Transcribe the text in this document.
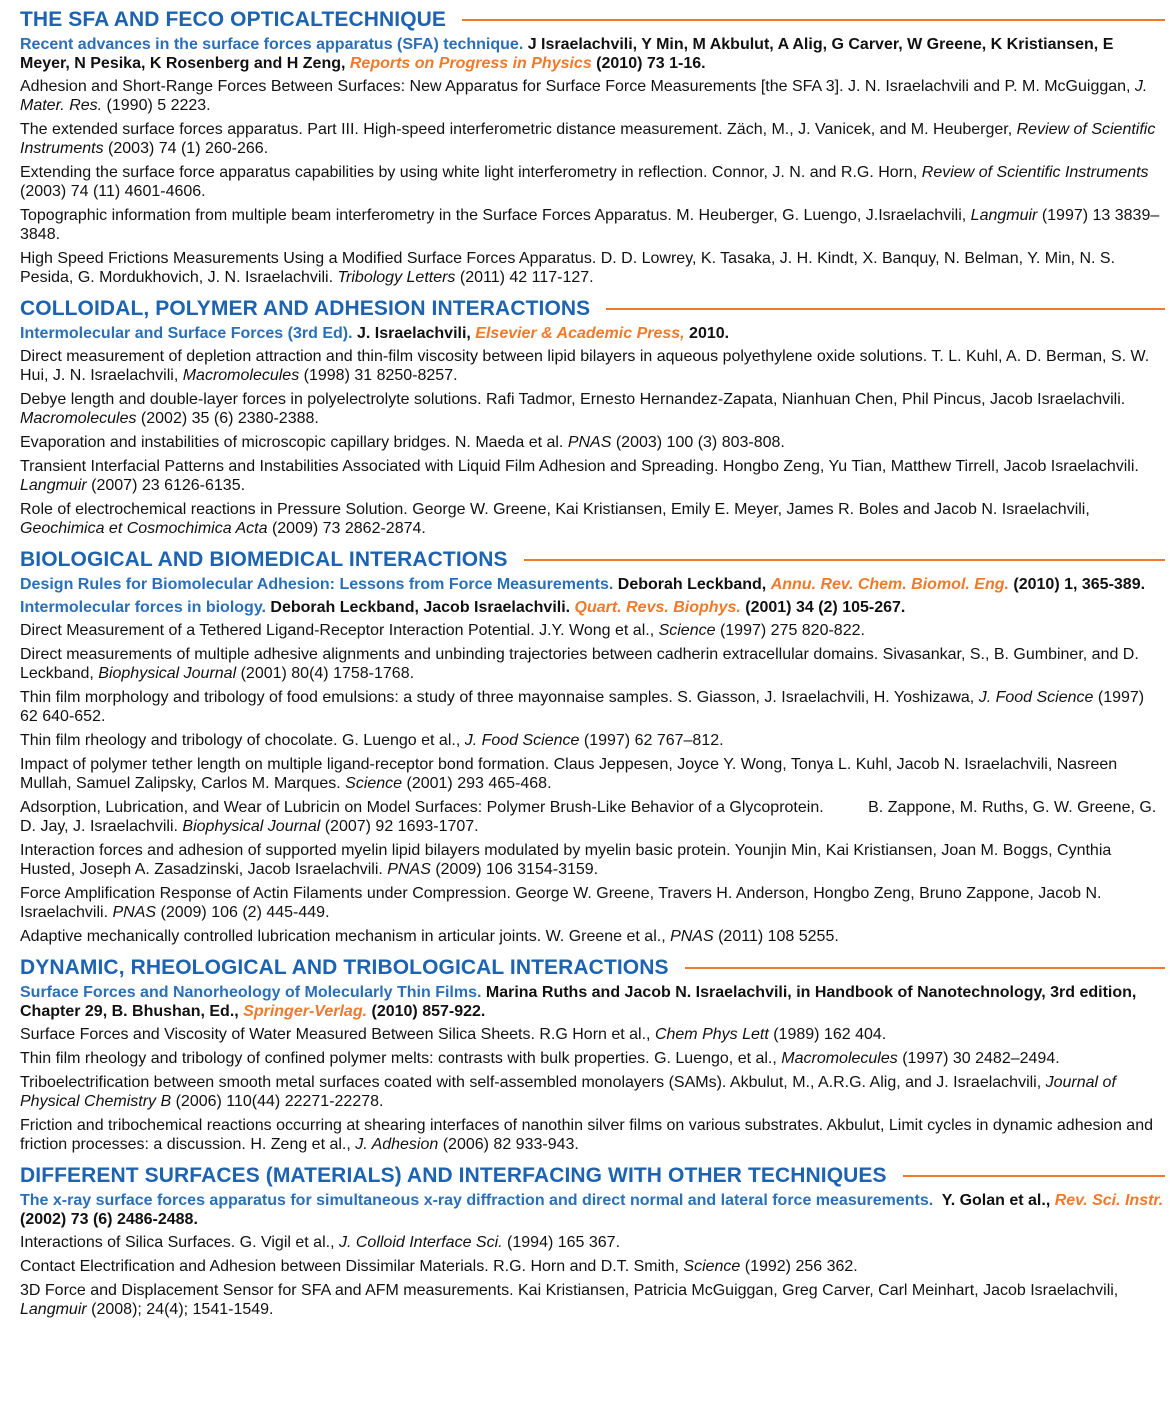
THE SFA AND FECO OPTICALTECHNIQUE

Recent advances in the surface forces apparatus (SFA) technique. J Israelachvili, Y Min, M Akbulut, A Alig, G Carver, W Greene, K Kristiansen, E Meyer, N Pesika, K Rosenberg and H Zeng, Reports on Progress in Physics (2010) 73 1-16.

Adhesion and Short-Range Forces Between Surfaces: New Apparatus for Surface Force Measurements [the SFA 3]. J. N. Israelachvili and P. M. McGuiggan, J. Mater. Res. (1990) 5 2223.

The extended surface forces apparatus. Part III. High-speed interferometric distance measurement. Zäch, M., J. Vanicek, and M. Heuberger, Review of Scientific Instruments (2003) 74 (1) 260-266.

Extending the surface force apparatus capabilities by using white light interferometry in reflection. Connor, J. N. and R.G. Horn, Review of Scientific Instruments (2003) 74 (11) 4601-4606.

Topographic information from multiple beam interferometry in the Surface Forces Apparatus. M. Heuberger, G. Luengo, J.Israelachvili, Langmuir (1997) 13 3839–3848.

High Speed Frictions Measurements Using a Modified Surface Forces Apparatus. D. D. Lowrey, K. Tasaka, J. H. Kindt, X. Banquy, N. Belman, Y. Min, N. S. Pesida, G. Mordukhovich, J. N. Israelachvili. Tribology Letters (2011) 42 117-127.

COLLOIDAL, POLYMER AND ADHESION INTERACTIONS

Intermolecular and Surface Forces (3rd Ed). J. Israelachvili, Elsevier & Academic Press, 2010.

Direct measurement of depletion attraction and thin-film viscosity between lipid bilayers in aqueous polyethylene oxide solutions. T. L. Kuhl, A. D. Berman, S. W. Hui, J. N. Israelachvili, Macromolecules (1998) 31 8250-8257.

Debye length and double-layer forces in polyelectrolyte solutions. Rafi Tadmor, Ernesto Hernandez-Zapata, Nianhuan Chen, Phil Pincus, Jacob Israelachvili. Macromolecules (2002) 35 (6) 2380-2388.

Evaporation and instabilities of microscopic capillary bridges. N. Maeda et al. PNAS (2003) 100 (3) 803-808.

Transient Interfacial Patterns and Instabilities Associated with Liquid Film Adhesion and Spreading. Hongbo Zeng, Yu Tian, Matthew Tirrell, Jacob Israelachvili. Langmuir (2007) 23 6126-6135.

Role of electrochemical reactions in Pressure Solution. George W. Greene, Kai Kristiansen, Emily E. Meyer, James R. Boles and Jacob N. Israelachvili, Geochimica et Cosmochimica Acta (2009) 73 2862-2874.

BIOLOGICAL AND BIOMEDICAL INTERACTIONS

Design Rules for Biomolecular Adhesion: Lessons from Force Measurements. Deborah Leckband, Annu. Rev. Chem. Biomol. Eng. (2010) 1, 365-389.

Intermolecular forces in biology. Deborah Leckband, Jacob Israelachvili. Quart. Revs. Biophys. (2001) 34 (2) 105-267.

Direct Measurement of a Tethered Ligand-Receptor Interaction Potential. J.Y. Wong et al., Science (1997) 275 820-822.

Direct measurements of multiple adhesive alignments and unbinding trajectories between cadherin extracellular domains. Sivasankar, S., B. Gumbiner, and D. Leckband, Biophysical Journal (2001) 80(4) 1758-1768.

Thin film morphology and tribology of food emulsions: a study of three mayonnaise samples. S. Giasson, J. Israelachvili, H. Yoshizawa, J. Food Science (1997) 62 640-652.

Thin film rheology and tribology of chocolate. G. Luengo et al., J. Food Science (1997) 62 767–812.

Impact of polymer tether length on multiple ligand-receptor bond formation. Claus Jeppesen, Joyce Y. Wong, Tonya L. Kuhl, Jacob N. Israelachvili, Nasreen Mullah, Samuel Zalipsky, Carlos M. Marques. Science (2001) 293 465-468.

Adsorption, Lubrication, and Wear of Lubricin on Model Surfaces: Polymer Brush-Like Behavior of a Glycoprotein.          B. Zappone, M. Ruths, G. W. Greene, G. D. Jay, J. Israelachvili. Biophysical Journal (2007) 92 1693-1707.

Interaction forces and adhesion of supported myelin lipid bilayers modulated by myelin basic protein. Younjin Min, Kai Kristiansen, Joan M. Boggs, Cynthia Husted, Joseph A. Zasadzinski, Jacob Israelachvili. PNAS (2009) 106 3154-3159.

Force Amplification Response of Actin Filaments under Compression. George W. Greene, Travers H. Anderson, Hongbo Zeng, Bruno Zappone, Jacob N. Israelachvili. PNAS (2009) 106 (2) 445-449.

Adaptive mechanically controlled lubrication mechanism in articular joints. W. Greene et al., PNAS (2011) 108 5255.

DYNAMIC, RHEOLOGICAL AND TRIBOLOGICAL INTERACTIONS

Surface Forces and Nanorheology of Molecularly Thin Films. Marina Ruths and Jacob N. Israelachvili, in Handbook of Nanotechnology, 3rd edition, Chapter 29, B. Bhushan, Ed., Springer-Verlag. (2010) 857-922.

Surface Forces and Viscosity of Water Measured Between Silica Sheets. R.G Horn et al., Chem Phys Lett (1989) 162 404.

Thin film rheology and tribology of confined polymer melts: contrasts with bulk properties. G. Luengo, et al., Macromolecules (1997) 30 2482–2494.

Triboelectrification between smooth metal surfaces coated with self-assembled monolayers (SAMs). Akbulut, M., A.R.G. Alig, and J. Israelachvili, Journal of Physical Chemistry B (2006) 110(44) 22271-22278.

Friction and tribochemical reactions occurring at shearing interfaces of nanothin silver films on various substrates. Akbulut, Limit cycles in dynamic adhesion and friction processes: a discussion. H. Zeng et al., J. Adhesion (2006) 82 933-943.

DIFFERENT SURFACES (MATERIALS) AND INTERFACING WITH OTHER TECHNIQUES

The x-ray surface forces apparatus for simultaneous x-ray diffraction and direct normal and lateral force measurements.  Y. Golan et al., Rev. Sci. Instr. (2002) 73 (6) 2486-2488.

Interactions of Silica Surfaces. G. Vigil et al., J. Colloid Interface Sci. (1994) 165 367.

Contact Electrification and Adhesion between Dissimilar Materials. R.G. Horn and D.T. Smith, Science (1992) 256 362.

3D Force and Displacement Sensor for SFA and AFM measurements. Kai Kristiansen, Patricia McGuiggan, Greg Carver, Carl Meinhart, Jacob Israelachvili, Langmuir (2008); 24(4); 1541-1549.
